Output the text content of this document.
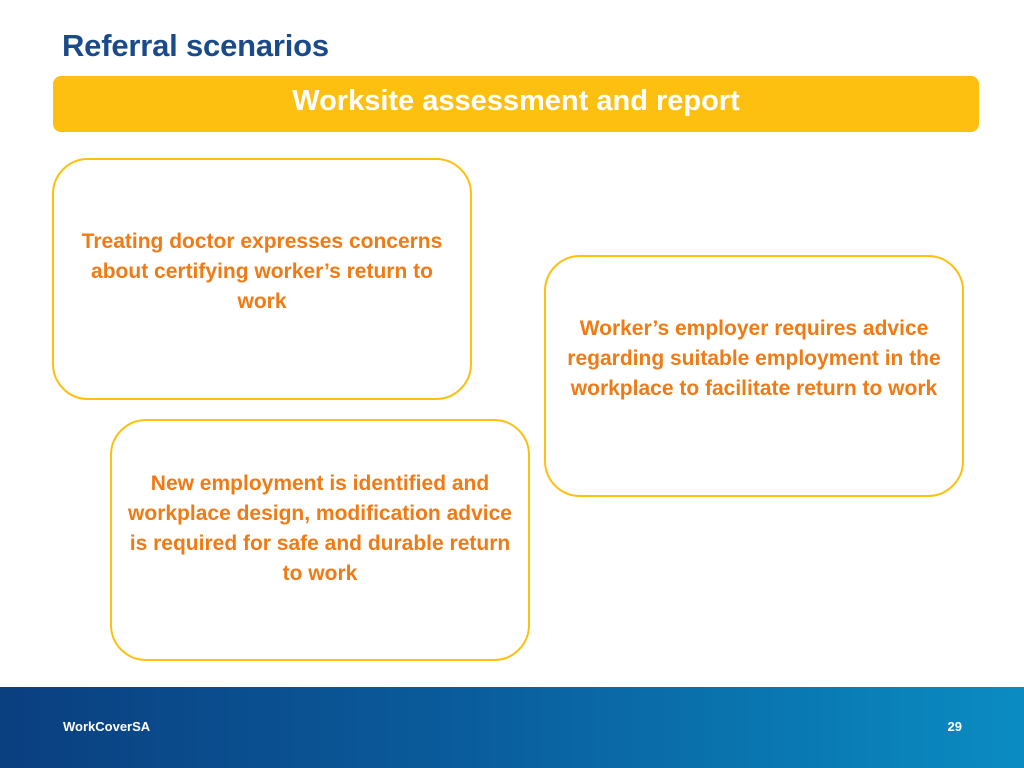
Referral scenarios
Worksite assessment and report
Treating doctor expresses concerns about certifying worker’s return to work
Worker’s employer requires advice regarding suitable employment in the workplace to facilitate return to work
New employment is identified and workplace design, modification advice is required for safe and durable return to work
WorkCoverSA	29
